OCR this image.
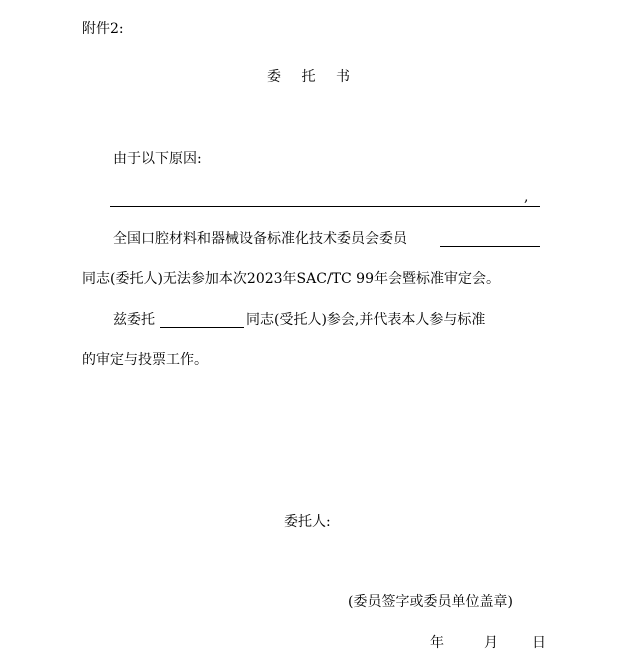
附件2:
委 托 书
由于以下原因:
,
全国口腔材料和器械设备标准化技术委员会委员
同志(委托人)无法参加本次2023年SAC/TC 99年会暨标准审定会。
兹委托	同志(受托人)参会,并代表本人参与标准
的审定与投票工作。
委托人:
(委员签字或委员单位盖章)
年	月 日
